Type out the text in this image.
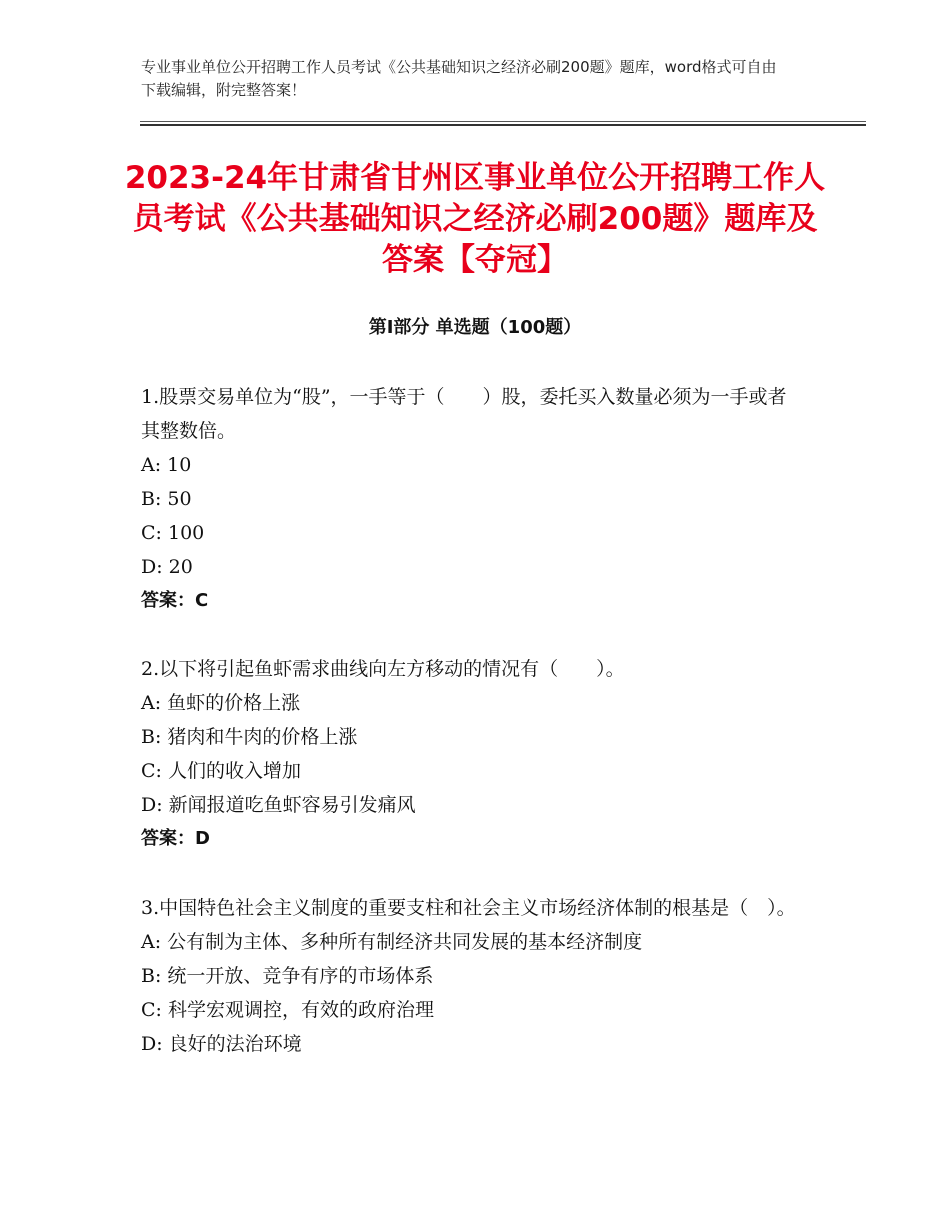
专业事业单位公开招聘工作人员考试《公共基础知识之经济必刷200题》题库，word格式可自由下载编辑，附完整答案！
2023-24年甘肃省甘州区事业单位公开招聘工作人员考试《公共基础知识之经济必刷200题》题库及答案【夺冠】
第Ⅰ部分 单选题（100题）

1.股票交易单位为“股”，一手等于（　　）股，委托买入数量必须为一手或者其整数倍。

A: 10

B: 50

C: 100

D: 20

答案：C

2.以下将引起鱼虾需求曲线向左方移动的情况有（　　）。

A: 鱼虾的价格上涨

B: 猪肉和牛肉的价格上涨

C: 人们的收入增加

D: 新闻报道吃鱼虾容易引发痛风

答案：D

3.中国特色社会主义制度的重要支柱和社会主义市场经济体制的根基是（　）。

A: 公有制为主体、多种所有制经济共同发展的基本经济制度

B: 统一开放、竞争有序的市场体系

C: 科学宏观调控，有效的政府治理

D: 良好的法治环境
